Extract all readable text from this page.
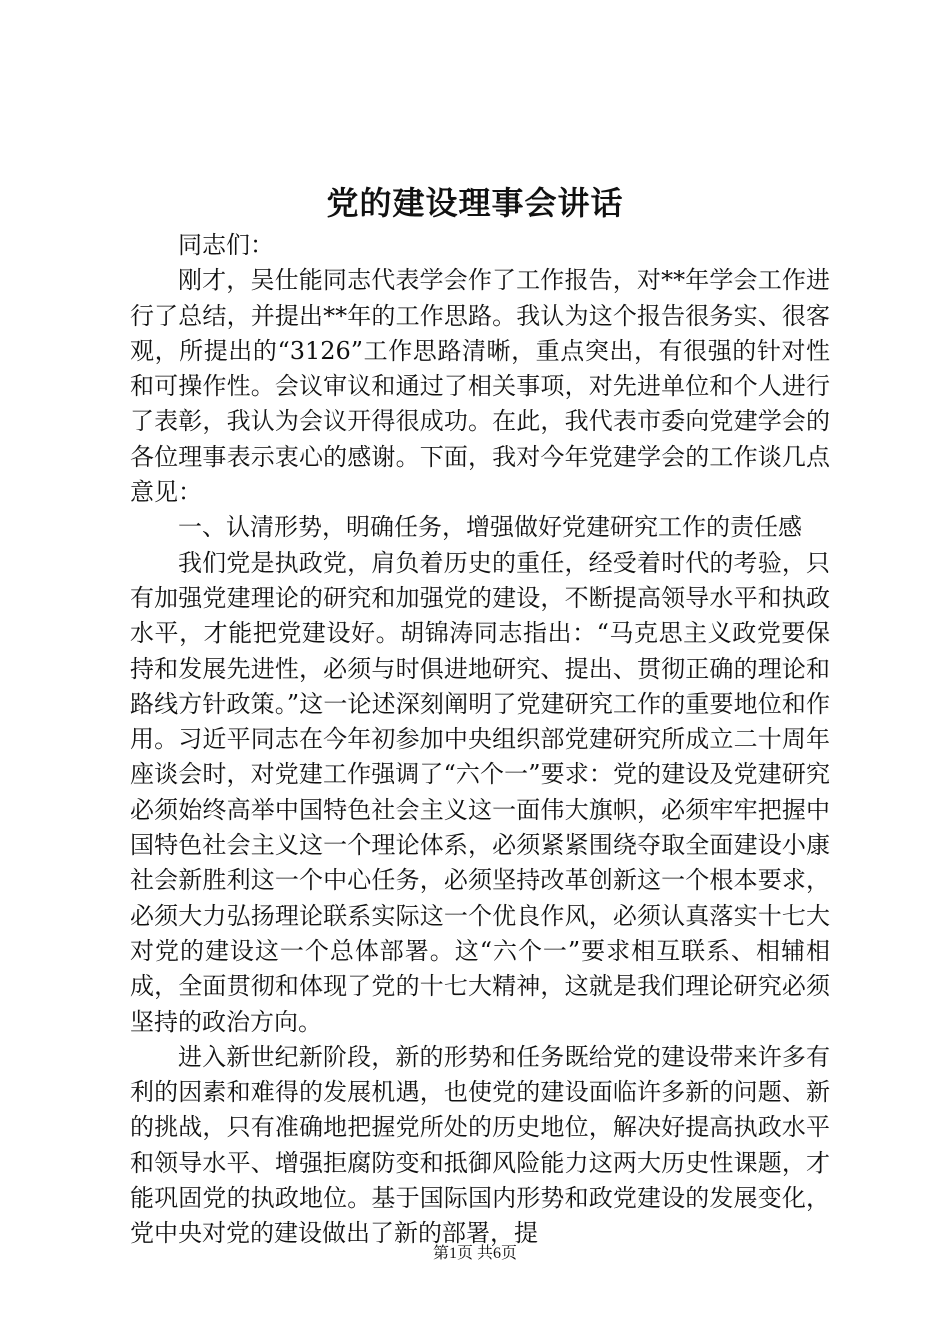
党的建设理事会讲话

同志们：

刚才，吴仕能同志代表学会作了工作报告，对**年学会工作进行了总结，并提出**年的工作思路。我认为这个报告很务实、很客观，所提出的“3126”工作思路清晰，重点突出，有很强的针对性和可操作性。会议审议和通过了相关事项，对先进单位和个人进行了表彰，我认为会议开得很成功。在此，我代表市委向党建学会的各位理事表示衷心的感谢。下面，我对今年党建学会的工作谈几点意见：

一、认清形势，明确任务，增强做好党建研究工作的责任感

我们党是执政党，肩负着历史的重任，经受着时代的考验，只有加强党建理论的研究和加强党的建设，不断提高领导水平和执政水平，才能把党建设好。胡锦涛同志指出：“马克思主义政党要保持和发展先进性，必须与时俱进地研究、提出、贯彻正确的理论和路线方针政策。”这一论述深刻阐明了党建研究工作的重要地位和作用。习近平同志在今年初参加中央组织部党建研究所成立二十周年座谈会时，对党建工作强调了“六个一”要求：党的建设及党建研究必须始终高举中国特色社会主义这一面伟大旗帜，必须牢牢把握中国特色社会主义这一个理论体系，必须紧紧围绕夺取全面建设小康社会新胜利这一个中心任务，必须坚持改革创新这一个根本要求，必须大力弘扬理论联系实际这一个优良作风，必须认真落实十七大对党的建设这一个总体部署。这“六个一”要求相互联系、相辅相成，全面贯彻和体现了党的十七大精神，这就是我们理论研究必须坚持的政治方向。

进入新世纪新阶段，新的形势和任务既给党的建设带来许多有利的因素和难得的发展机遇，也使党的建设面临许多新的问题、新的挑战，只有准确地把握党所处的历史地位，解决好提高执政水平和领导水平、增强拒腐防变和抵御风险能力这两大历史性课题，才能巩固党的执政地位。基于国际国内形势和政党建设的发展变化，党中央对党的建设做出了新的部署，提

第1页 共6页
